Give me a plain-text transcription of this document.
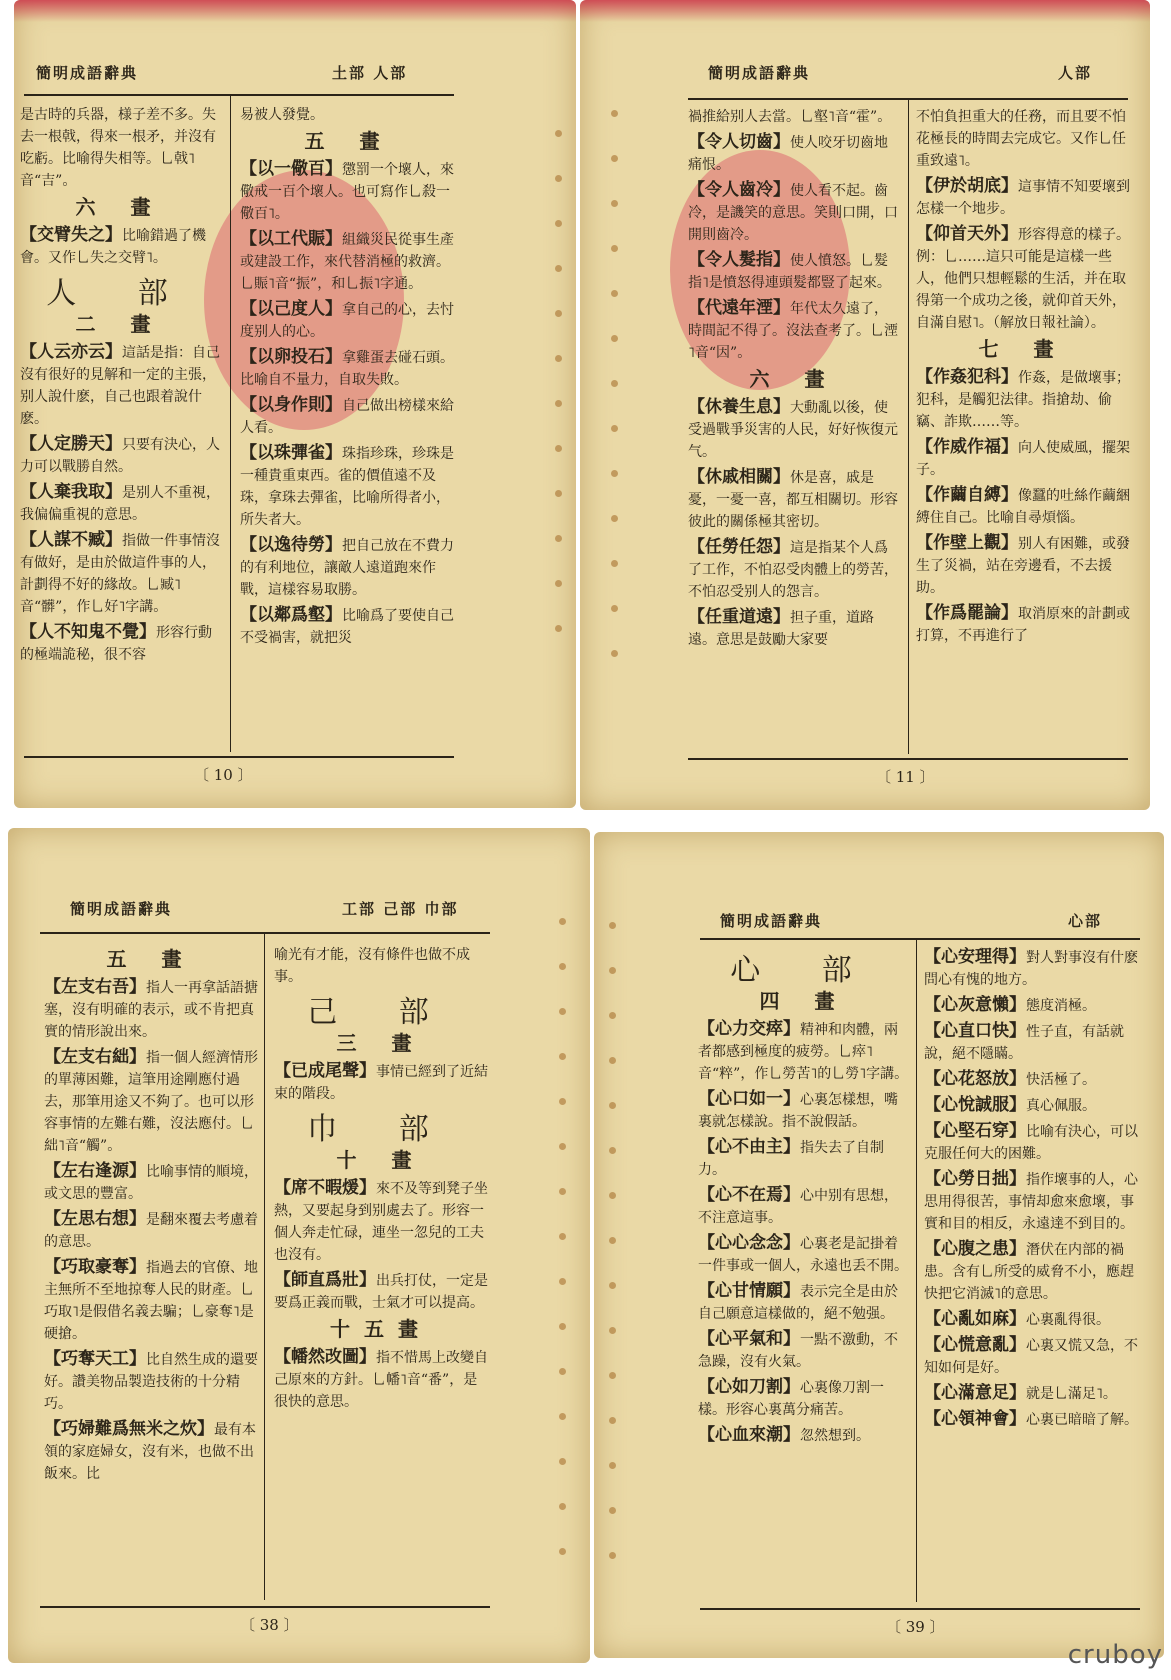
簡明成語辭典	土部 人部

是古時的兵器，様子差不多。失去一根戟，得來一根矛，并沒有吃虧。比喻得失相等。乚戟˥音“吉”。

六 畫

【交臂失之】比喻錯過了機會。又作乚失之交臂˥。

人 部
二 畫

【人云亦云】這話是指：自己沒有很好的見解和一定的主張，别人說什麽，自己也跟着說什麽。

【人定勝天】只要有決心，人力可以戰勝自然。

【人棄我取】是别人不重視，我偏偏重視的意思。

【人謀不臧】指做一件事情沒有做好，是由於做這件事的人，計劃得不好的緣故。乚臧˥音“髒”，作乚好˥字講。

【人不知鬼不覺】形容行動的極端詭秘，很不容

易被人發覺。

五 畫

【以一儆百】懲罰一个壞人，來儆戒一百个壞人。也可寫作乚殺一儆百˥。

【以工代賑】組織災民從事生產或建設工作，來代替消極的救濟。乚賑˥音“振”，和乚振˥字通。

【以己度人】拿自己的心，去忖度别人的心。

【以卵投石】拿雞蛋去碰石頭。比喻自不量力，自取失敗。

【以身作則】自己做出榜樣來給人看。

【以珠彈雀】珠指珍珠，珍珠是一種貴重東西。雀的價值遠不及珠，拿珠去彈雀，比喻所得者小，所失者大。

【以逸待勞】把自己放在不費力的有利地位，讓敵人遠道跑來作戰，這樣容易取勝。

【以鄰爲壑】比喻爲了要使自己不受禍害，就把災

〔 10 〕
簡明成語辭典	人部

禍推給别人去當。乚壑˥音“霍”。

【令人切齒】使人咬牙切齒地痛恨。

【令人齒冷】使人看不起。齒冷，是譏笑的意思。笑則口開，口開則齒冷。

【令人髮指】使人憤怒。乚髮指˥是憤怒得連頭髮都豎了起來。

【代遠年湮】年代太久遠了，時間記不得了。沒法查考了。乚湮˥音“因”。

六 畫

【休養生息】大動亂以後，使受過戰爭災害的人民，好好恢復元气。

【休戚相關】休是喜，戚是憂，一憂一喜，都互相關切。形容彼此的關係極其密切。

【任勞任怨】這是指某个人爲了工作，不怕忍受肉體上的勞苦，不怕忍受别人的怨言。

【任重道遠】担子重，道路遠。意思是鼓勵大家要

不怕負担重大的任務，而且要不怕花極長的時間去完成它。又作乚任重致遠˥。

【伊於胡底】這事情不知要壞到怎樣一个地步。

【仰首天外】形容得意的樣子。例：乚……這只可能是這樣一些人，他們只想輕鬆的生活，并在取得第一个成功之後，就仰首天外，自滿自慰˥。（解放日報社論）。

七 畫

【作姦犯科】作姦，是做壞事；犯科，是觸犯法律。指搶劫、偷竊、詐欺……等。

【作威作福】向人使威風，擺架子。

【作繭自縛】像蠶的吐絲作繭綑縛住自己。比喻自尋煩惱。

【作壁上觀】别人有困難，或發生了災禍，站在旁邊看，不去援助。

【作爲罷論】取消原來的計劃或打算，不再進行了

〔 11 〕
簡明成語辭典	工部 己部 巾部
五 畫

【左支右吾】指人一再拿話語搪塞，沒有明確的表示，或不肯把真實的情形說出來。

【左支右絀】指一個人經濟情形的單薄困難，這筆用途剛應付過去，那筆用途又不夠了。也可以形容事情的左難右難，沒法應付。乚絀˥音“觸”。

【左右逢源】比喻事情的順境，或文思的豐富。

【左思右想】是翻來覆去考慮着的意思。

【巧取豪奪】指過去的官僚、地主無所不至地掠奪人民的財產。乚巧取˥是假借名義去騙；乚豪奪˥是硬搶。

【巧奪天工】比自然生成的還要好。讚美物品製造技術的十分精巧。

【巧婦難爲無米之炊】最有本領的家庭婦女，沒有米，也做不出飯來。比

喻光有才能，沒有條件也做不成事。

己 部
三 畫

【已成尾聲】事情已經到了近結束的階段。

巾 部
十 畫

【席不暇煖】來不及等到凳子坐熱，又要起身到别處去了。形容一個人奔走忙碌，連坐一忽兒的工夫也沒有。

【師直爲壯】出兵打仗，一定是要爲正義而戰，士氣才可以提高。

十五畫

【幡然改圖】指不惜馬上改變自己原來的方針。乚幡˥音“番”，是很快的意思。

〔 38 〕
簡明成語辭典	心部
心 部
四 畫

【心力交瘁】精神和肉體，兩者都感到極度的疲勞。乚瘁˥音“粹”，作乚勞苦˥的乚勞˥字講。

【心口如一】心裏怎樣想，嘴裏就怎樣說。指不說假話。

【心不由主】指失去了自制力。

【心不在焉】心中别有思想，不注意這事。

【心心念念】心裏老是記掛着一件事或一個人，永遠也丢不開。

【心甘情願】表示完全是由於自己願意這樣做的，絕不勉强。

【心平氣和】一點不激動，不急躁，沒有火氣。

【心如刀割】心裏像刀割一樣。形容心裏萬分痛苦。

【心血來潮】忽然想到。

【心安理得】對人對事沒有什麽問心有愧的地方。

【心灰意懶】態度消極。

【心直口快】性子直，有話就說，絕不隱瞞。

【心花怒放】快活極了。

【心悅誠服】真心佩服。

【心堅石穿】比喻有決心，可以克服任何大的困難。

【心勞日拙】指作壞事的人，心思用得很苦，事情却愈來愈壞，事實和目的相反，永遠達不到目的。

【心腹之患】潛伏在内部的禍患。含有乚所受的威脅不小，應趕快把它消滅˥的意思。

【心亂如麻】心裏亂得很。

【心慌意亂】心裏又慌又急，不知如何是好。

【心滿意足】就是乚滿足˥。

【心領神會】心裏已暗暗了解。

〔 39 〕
cruboy
